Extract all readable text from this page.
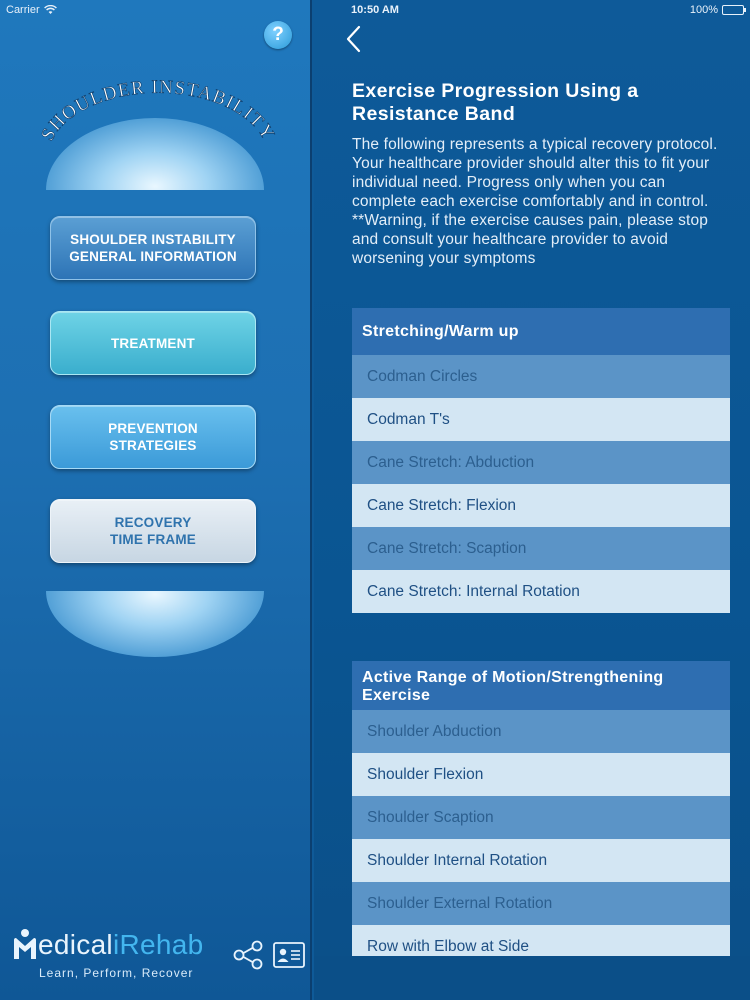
Carrier	10:50 AM	100%
?
SHOULDER INSTABILITY
SHOULDER INSTABILITY
GENERAL INFORMATION
TREATMENT
PREVENTION
STRATEGIES
RECOVERY
TIME FRAME
edicaliRehab
Learn, Perform, Recover
Exercise Progression Using a Resistance Band
The following represents a typical recovery protocol. Your healthcare provider should alter this to fit your individual need. Progress only when you can complete each exercise comfortably and in control. **Warning, if the exercise causes pain, please stop and consult your healthcare provider to avoid worsening your symptoms
Stretching/Warm up
Codman Circles
Codman T's
Cane Stretch: Abduction
Cane Stretch: Flexion
Cane Stretch: Scaption
Cane Stretch: Internal Rotation
Active Range of Motion/Strengthening Exercise
Shoulder Abduction
Shoulder Flexion
Shoulder Scaption
Shoulder Internal Rotation
Shoulder External Rotation
Row with Elbow at Side
